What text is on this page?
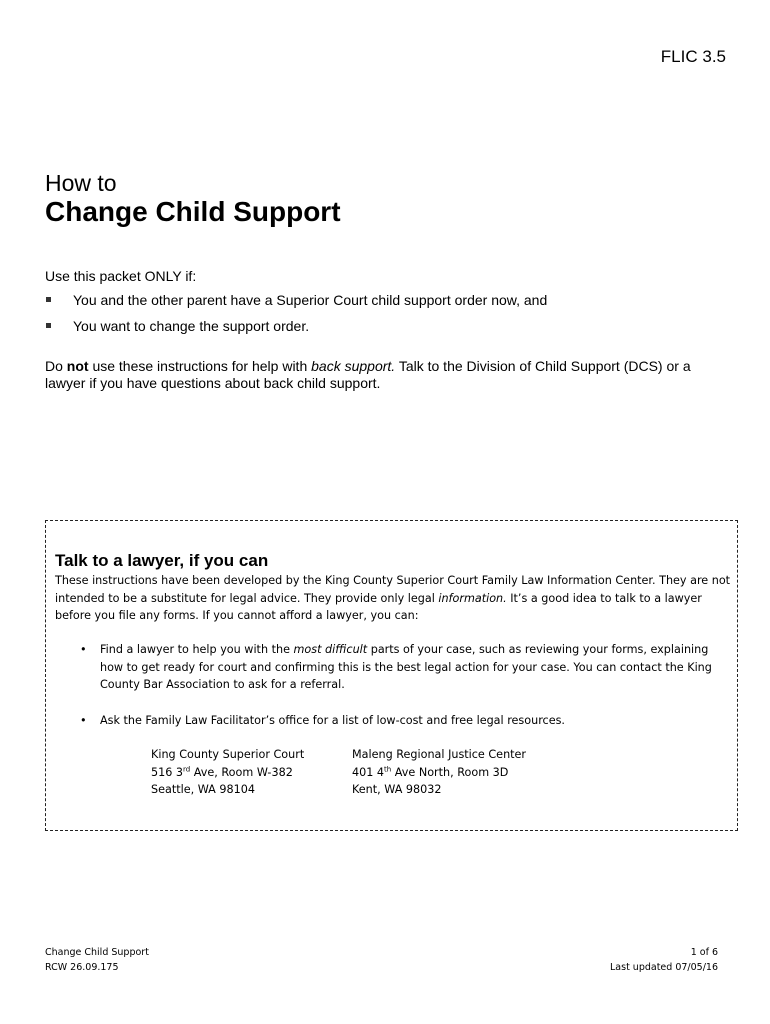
FLIC 3.5
How to
Change Child Support
Use this packet ONLY if:
You and the other parent have a Superior Court child support order now, and
You want to change the support order.
Do not use these instructions for help with back support. Talk to the Division of Child Support (DCS) or a lawyer if you have questions about back child support.
Talk to a lawyer, if you can
These instructions have been developed by the King County Superior Court Family Law Information Center. They are not intended to be a substitute for legal advice. They provide only legal information. It’s a good idea to talk to a lawyer before you file any forms. If you cannot afford a lawyer, you can:
• Find a lawyer to help you with the most difficult parts of your case, such as reviewing your forms, explaining how to get ready for court and confirming this is the best legal action for your case. You can contact the King County Bar Association to ask for a referral.
• Ask the Family Law Facilitator’s office for a list of low-cost and free legal resources.
King County Superior Court
516 3rd Ave, Room W-382
Seattle, WA 98104
Maleng Regional Justice Center
401 4th Ave North, Room 3D
Kent, WA 98032
Change Child Support
RCW 26.09.175
1 of 6
Last updated 07/05/16
